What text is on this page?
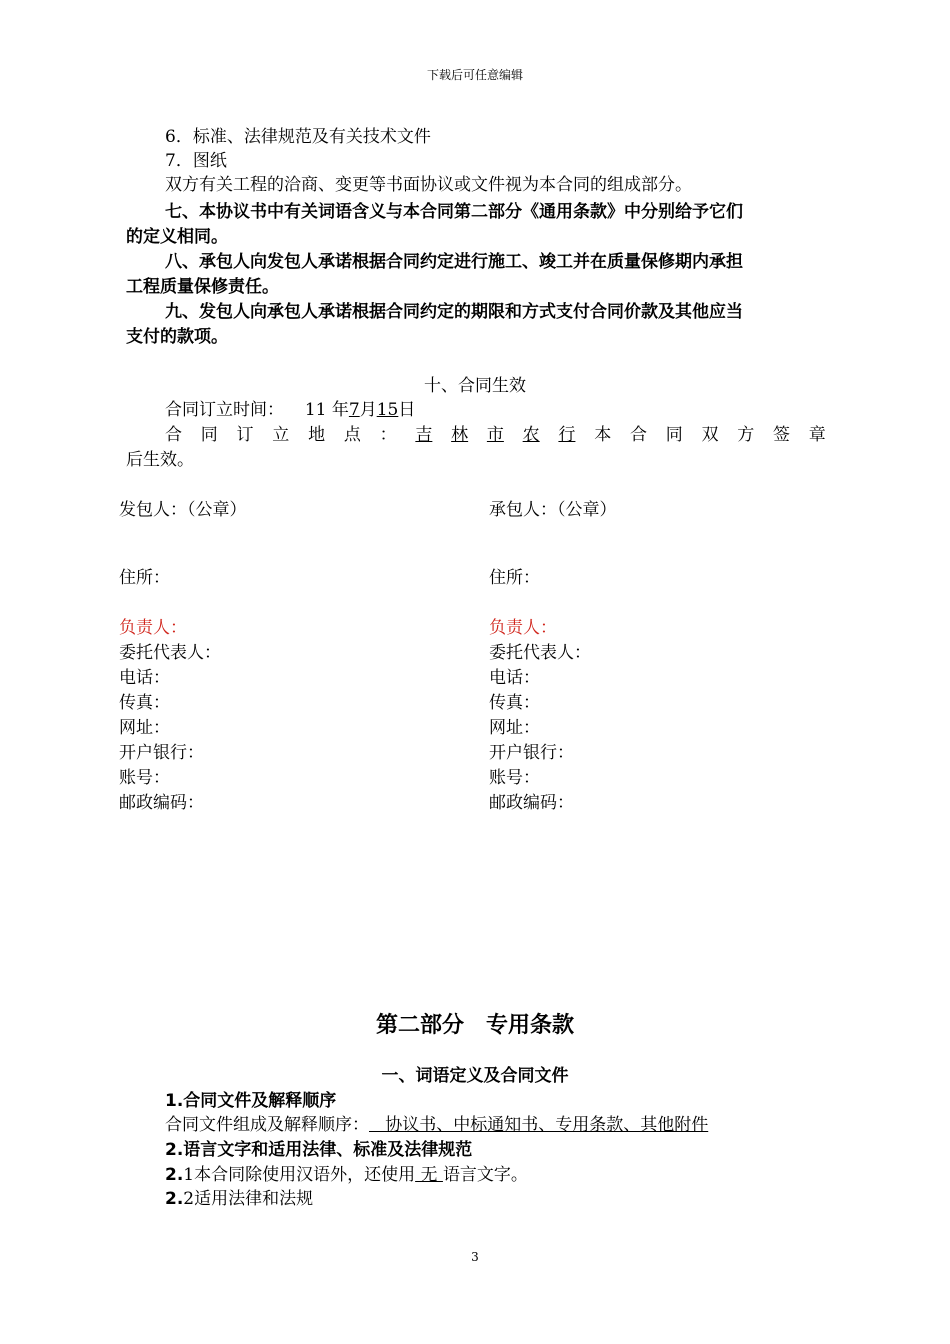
下载后可任意编辑
6．标准、法律规范及有关技术文件
7．图纸
双方有关工程的洽商、变更等书面协议或文件视为本合同的组成部分。
七、本协议书中有关词语含义与本合同第二部分《通用条款》中分别给予它们
的定义相同。
八、承包人向发包人承诺根据合同约定进行施工、竣工并在质量保修期内承担
工程质量保修责任。
九、发包人向承包人承诺根据合同约定的期限和方式支付合同价款及其他应当
支付的款项。
十、合同生效
合同订立时间： 11 年7月15日
合 同 订 立 地 点 ： 吉 林 市 农 行 本 合 同 双 方 签 章
后生效。
发包人：（公章）
住所：
负责人：
委托代表人：
电话：
传真：
网址：
开户银行：
账号：
邮政编码：
承包人：（公章）
住所：
负责人：
委托代表人：
电话：
传真：
网址：
开户银行：
账号：
邮政编码：
第二部分　专用条款
一、词语定义及合同文件
1.合同文件及解释顺序
合同文件组成及解释顺序：   协议书、中标通知书、专用条款、其他附件
2.语言文字和适用法律、标准及法律规范
2.1本合同除使用汉语外，还使用 无 语言文字。
2.2适用法律和法规
3
